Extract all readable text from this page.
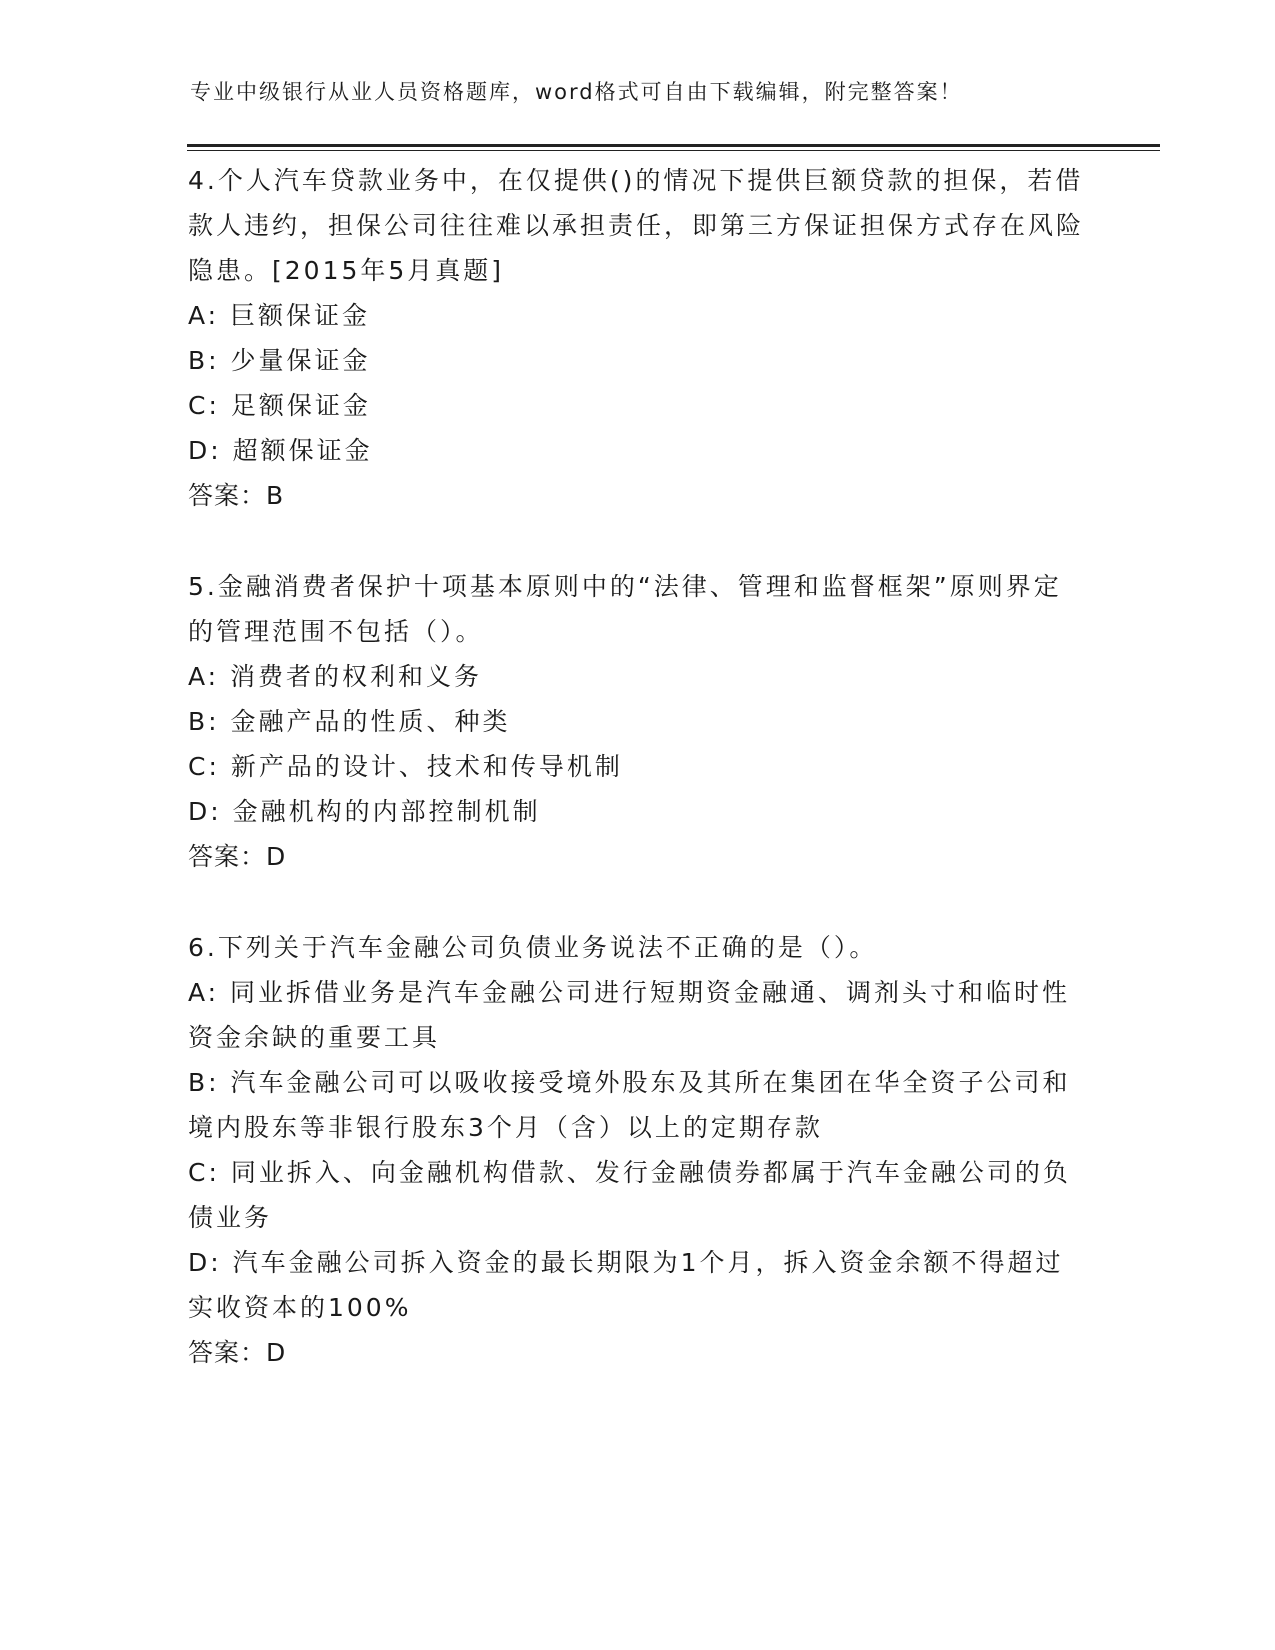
专业中级银行从业人员资格题库，word格式可自由下载编辑，附完整答案！

4.个人汽车贷款业务中，在仅提供()的情况下提供巨额贷款的担保，若借款人违约，担保公司往往难以承担责任，即第三方保证担保方式存在风险隐患。[2015年5月真题]

A: 巨额保证金

B: 少量保证金

C: 足额保证金

D: 超额保证金

答案：B

5.金融消费者保护十项基本原则中的“法律、管理和监督框架”原则界定的管理范围不包括（）。

A: 消费者的权利和义务

B: 金融产品的性质、种类

C: 新产品的设计、技术和传导机制

D: 金融机构的内部控制机制

答案：D

6.下列关于汽车金融公司负债业务说法不正确的是（）。

A: 同业拆借业务是汽车金融公司进行短期资金融通、调剂头寸和临时性资金余缺的重要工具

B: 汽车金融公司可以吸收接受境外股东及其所在集团在华全资子公司和境内股东等非银行股东3个月（含）以上的定期存款

C: 同业拆入、向金融机构借款、发行金融债券都属于汽车金融公司的负债业务

D: 汽车金融公司拆入资金的最长期限为1个月，拆入资金余额不得超过实收资本的100%

答案：D
